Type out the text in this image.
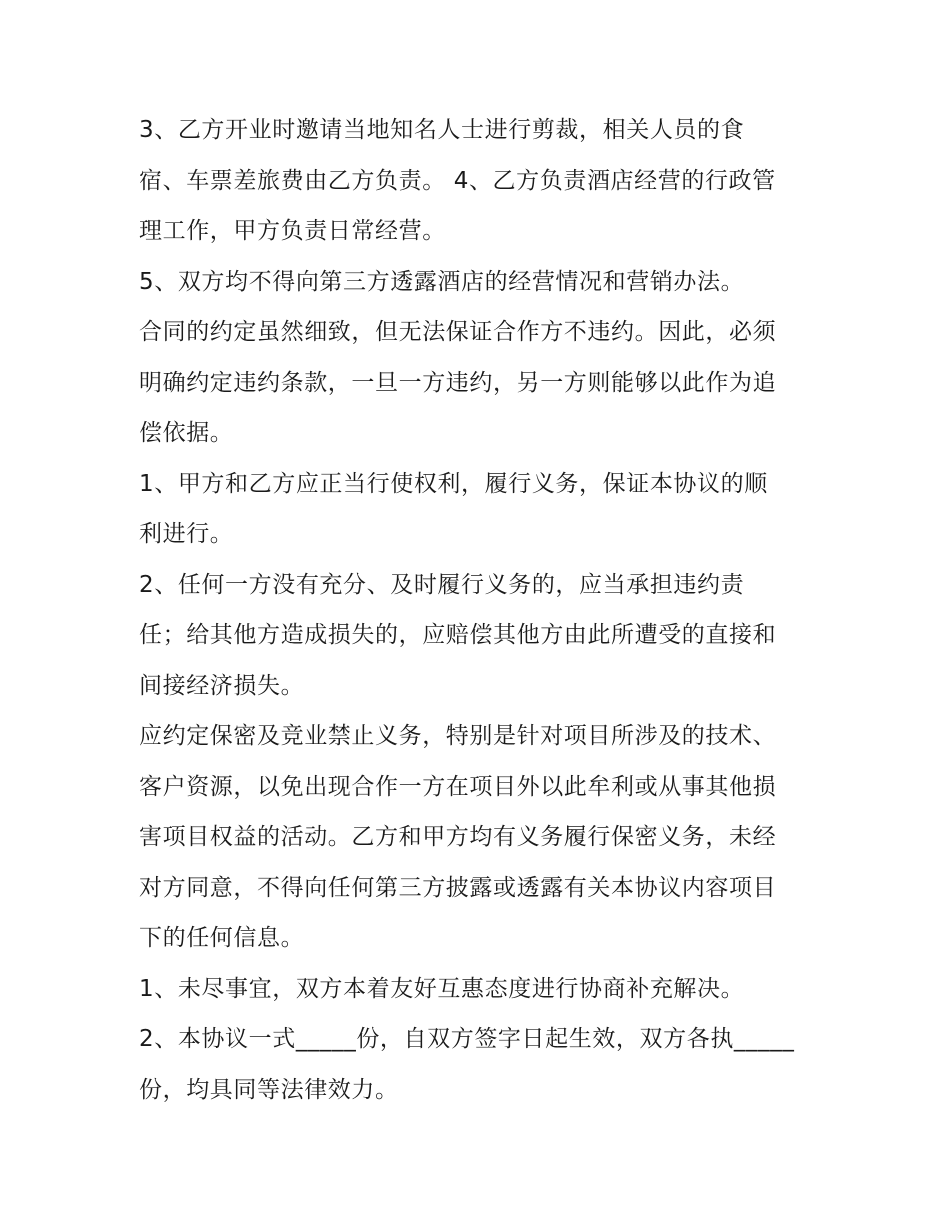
3、乙方开业时邀请当地知名人士进行剪裁，相关人员的食
宿、车票差旅费由乙方负责。 4、乙方负责酒店经营的行政管
理工作，甲方负责日常经营。
5、双方均不得向第三方透露酒店的经营情况和营销办法。
合同的约定虽然细致，但无法保证合作方不违约。因此，必须
明确约定违约条款，一旦一方违约，另一方则能够以此作为追
偿依据。
1、甲方和乙方应正当行使权利，履行义务，保证本协议的顺
利进行。
2、任何一方没有充分、及时履行义务的，应当承担违约责
任；给其他方造成损失的，应赔偿其他方由此所遭受的直接和
间接经济损失。
应约定保密及竞业禁止义务，特别是针对项目所涉及的技术、
客户资源，以免出现合作一方在项目外以此牟利或从事其他损
害项目权益的活动。乙方和甲方均有义务履行保密义务，未经
对方同意，不得向任何第三方披露或透露有关本协议内容项目
下的任何信息。
1、未尽事宜，双方本着友好互惠态度进行协商补充解决。
2、本协议一式_____份，自双方签字日起生效，双方各执_____
份，均具同等法律效力。
